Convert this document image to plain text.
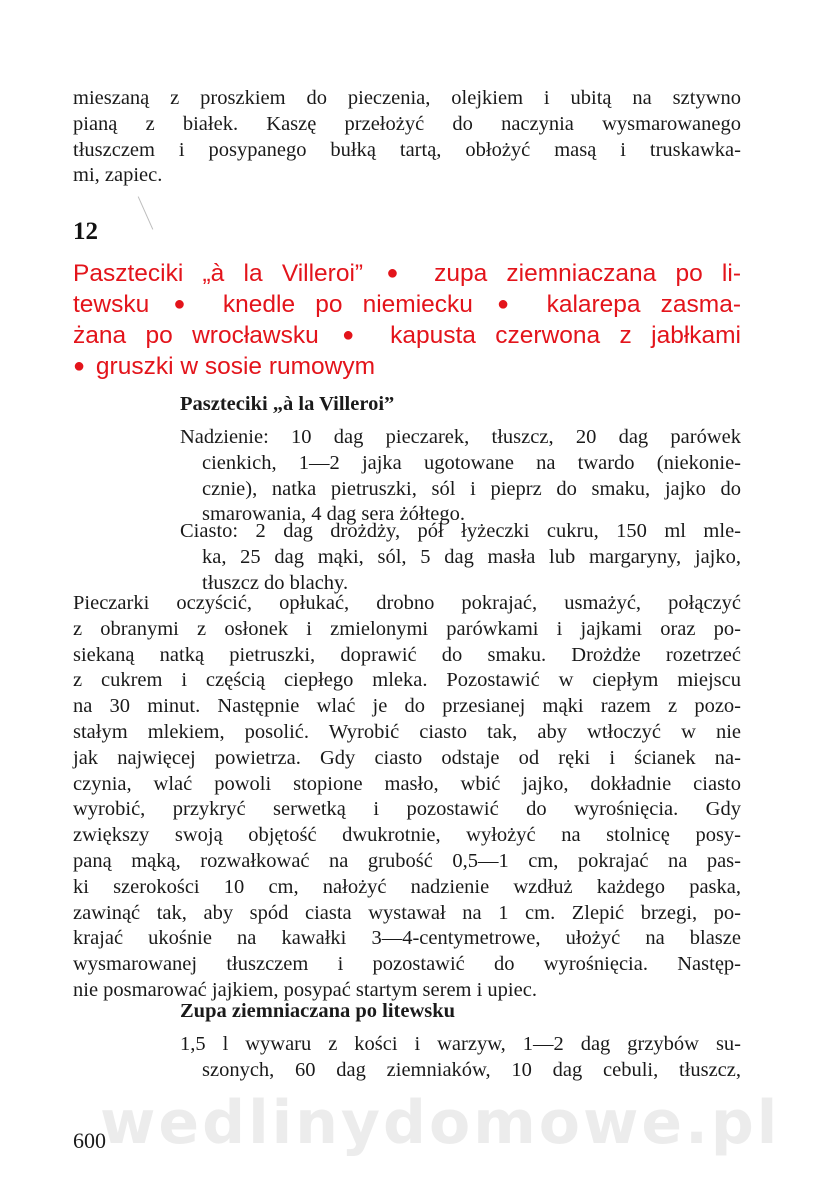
mieszaną z proszkiem do pieczenia, olejkiem i ubitą na sztywno
pianą z białek. Kaszę przełożyć do naczynia wysmarowanego
tłuszczem i posypanego bułką tartą, obłożyć masą i truskawka-
mi, zapiec.

12
Paszteciki „à la Villeroi” ● zupa ziemniaczana po li-
tewsku ● knedle po niemiecku ● kalarepa zasma-
żana po wrocławsku ● kapusta czerwona z jabłkami
● gruszki w sosie rumowym
Paszteciki „à la Villeroi”

Nadzienie: 10 dag pieczarek, tłuszcz, 20 dag parówek
cienkich, 1—2 jajka ugotowane na twardo (niekonie-
cznie), natka pietruszki, sól i pieprz do smaku, jajko do
smarowania, 4 dag sera żółtego.

Ciasto: 2 dag drożdży, pół łyżeczki cukru, 150 ml mle-
ka, 25 dag mąki, sól, 5 dag masła lub margaryny, jajko,
tłuszcz do blachy.

Pieczarki oczyścić, opłukać, drobno pokrajać, usmażyć, połączyć
z obranymi z osłonek i zmielonymi parówkami i jajkami oraz po-
siekaną natką pietruszki, doprawić do smaku. Drożdże rozetrzeć
z cukrem i częścią ciepłego mleka. Pozostawić w ciepłym miejscu
na 30 minut. Następnie wlać je do przesianej mąki razem z pozo-
stałym mlekiem, posolić. Wyrobić ciasto tak, aby wtłoczyć w nie
jak najwięcej powietrza. Gdy ciasto odstaje od ręki i ścianek na-
czynia, wlać powoli stopione masło, wbić jajko, dokładnie ciasto
wyrobić, przykryć serwetką i pozostawić do wyrośnięcia. Gdy
zwiększy swoją objętość dwukrotnie, wyłożyć na stolnicę posy-
paną mąką, rozwałkować na grubość 0,5—1 cm, pokrajać na pas-
ki szerokości 10 cm, nałożyć nadzienie wzdłuż każdego paska,
zawinąć tak, aby spód ciasta wystawał na 1 cm. Zlepić brzegi, po-
krajać ukośnie na kawałki 3—4-centymetrowe, ułożyć na blasze
wysmarowanej tłuszczem i pozostawić do wyrośnięcia. Następ-
nie posmarować jajkiem, posypać startym serem i upiec.

Zupa ziemniaczana po litewsku

1,5 l wywaru z kości i warzyw, 1—2 dag grzybów su-
szonych, 60 dag ziemniaków, 10 dag cebuli, tłuszcz,

wedlinydomowe.pl
600
